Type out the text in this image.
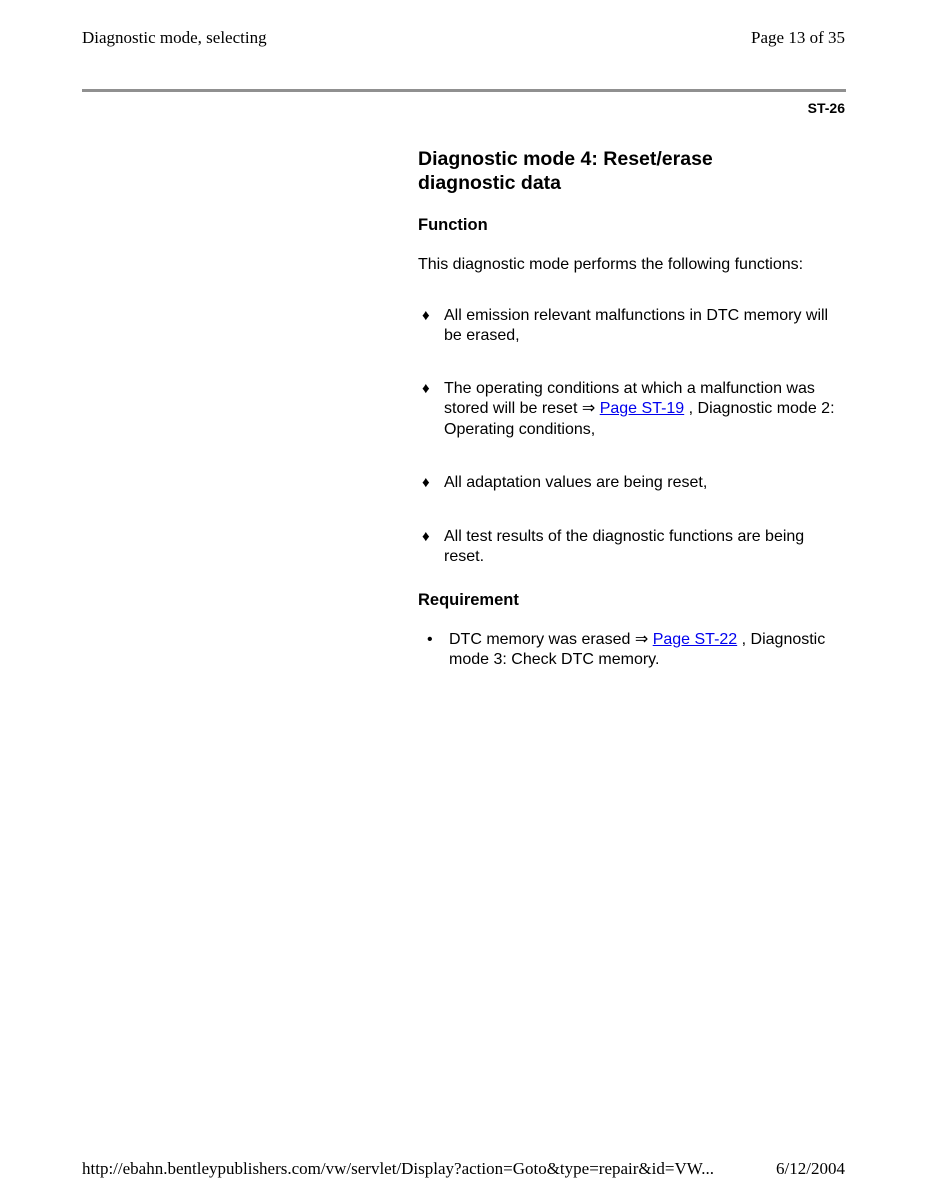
Diagnostic mode, selecting	Page 13 of 35
ST-26
Diagnostic mode 4: Reset/erase
diagnostic data
Function

This diagnostic mode performs the following functions:

♦ All emission relevant malfunctions in DTC memory will be erased,
♦ The operating conditions at which a malfunction was stored will be reset ⇒ Page ST-19 , Diagnostic mode 2: Operating conditions,
♦ All adaptation values are being reset,
♦ All test results of the diagnostic functions are being reset.
Requirement
• DTC memory was erased ⇒ Page ST-22 , Diagnostic mode 3: Check DTC memory.
http://ebahn.bentleypublishers.com/vw/servlet/Display?action=Goto&type=repair&id=VW...	6/12/2004
